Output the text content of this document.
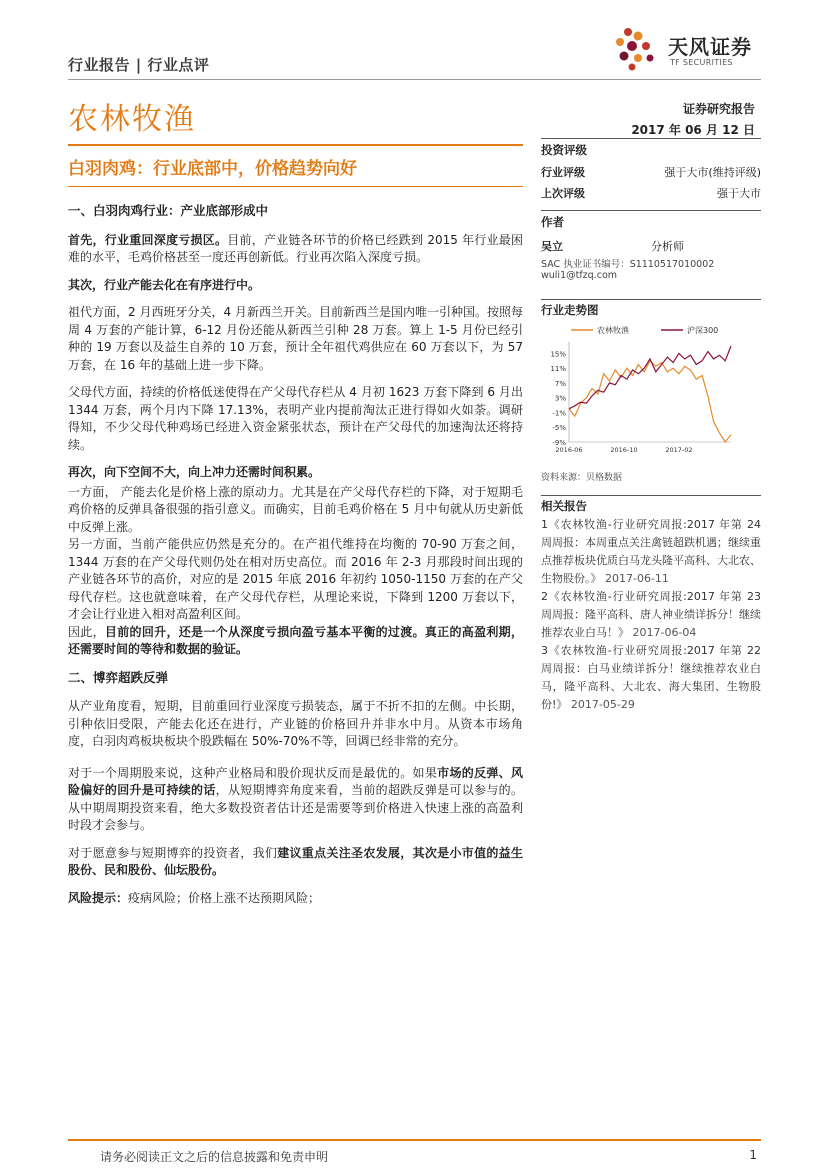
行业报告 | 行业点评
天风证券
TF SECURITIES
农林牧渔	证券研究报告
2017 年 06 月 12 日
白羽肉鸡：行业底部中，价格趋势向好
一、白羽肉鸡行业：产业底部形成中

首先，行业重回深度亏损区。目前，产业链各环节的价格已经跌到 2015 年行业最困难的水平，毛鸡价格甚至一度还再创新低。行业再次陷入深度亏损。

其次，行业产能去化在有序进行中。

祖代方面，2 月西班牙分关，4 月新西兰开关。目前新西兰是国内唯一引种国。按照每周 4 万套的产能计算，6-12 月份还能从新西兰引种 28 万套。算上 1-5 月份已经引种的 19 万套以及益生自养的 10 万套，预计全年祖代鸡供应在 60 万套以下，为 57 万套，在 16 年的基础上进一步下降。

父母代方面，持续的价格低迷使得在产父母代存栏从 4 月初 1623 万套下降到 6 月出 1344 万套，两个月内下降 17.13%，表明产业内提前淘汰正进行得如火如荼。调研得知，不少父母代种鸡场已经进入资金紧张状态，预计在产父母代的加速淘汰还将持续。

再次，向下空间不大，向上冲力还需时间积累。

一方面， 产能去化是价格上涨的原动力。尤其是在产父母代存栏的下降，对于短期毛鸡价格的反弹具备很强的指引意义。而确实，目前毛鸡价格在 5 月中旬就从历史新低中反弹上涨。

另一方面，当前产能供应仍然是充分的。在产祖代维持在均衡的 70-90 万套之间，1344 万套的在产父母代则仍处在相对历史高位。而 2016 年 2-3 月那段时间出现的产业链各环节的高价，对应的是 2015 年底 2016 年初约 1050-1150 万套的在产父母代存栏。这也就意味着，在产父母代存栏，从理论来说，下降到 1200 万套以下，才会让行业进入相对高盈利区间。

因此，目前的回升，还是一个从深度亏损向盈亏基本平衡的过渡。真正的高盈利期，还需要时间的等待和数据的验证。

二、博弈超跌反弹

从产业角度看，短期，目前重回行业深度亏损装态，属于不折不扣的左侧。中长期，引种依旧受限，产能去化还在进行，产业链的价格回升并非水中月。从资本市场角度，白羽肉鸡板块板块个股跌幅在 50%-70%不等，回调已经非常的充分。

对于一个周期股来说，这种产业格局和股价现状反而是最优的。如果市场的反弹、风险偏好的回升是可持续的话，从短期博弈角度来看，当前的超跌反弹是可以参与的。从中期周期投资来看，绝大多数投资者估计还是需要等到价格进入快速上涨的高盈利时段才会参与。

对于愿意参与短期博弈的投资者，我们建议重点关注圣农发展，其次是小市值的益生股份、民和股份、仙坛股份。

风险提示：疫病风险；价格上涨不达预期风险；

投资评级
行业评级	强于大市(维持评级)
上次评级	强于大市
作者
吴立	分析师
SAC 执业证书编号：S1110517010002
wuli1@tfzq.com
行业走势图
15%
11%
7%
3%
-1%
-5%
-9%
2016-06	2016-10	2017-02
农林牧渔	沪深300
资料来源：贝格数据
相关报告
1《农林牧渔-行业研究周报:2017 年第 24 周周报：本周重点关注禽链超跌机遇；继续重点推荐板块优质白马龙头隆平高科、大北农、生物股份。》 2017-06-11
2《农林牧渔-行业研究周报:2017 年第 23 周周报：隆平高科、唐人神业绩详拆分！继续推荐农业白马！》 2017-06-04
3《农林牧渔-行业研究周报:2017 年第 22 周周报：白马业绩详拆分！继续推荐农业白马，隆平高科、大北农、海大集团、生物股份!》 2017-05-29
请务必阅读正文之后的信息披露和免责申明	1
